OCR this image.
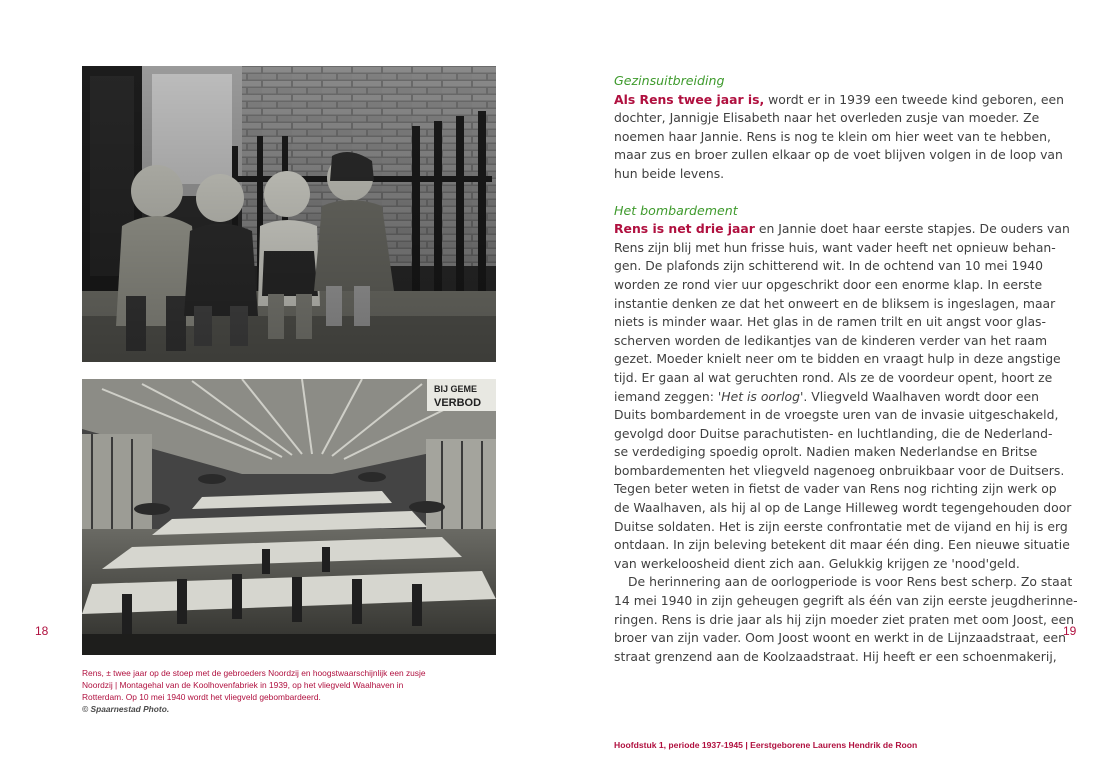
18	19
BIJ GEME
VERBOD
Rens, ± twee jaar op de stoep met de gebroeders Noordzij en hoogstwaarschijnlijk een zusje
Noordzij | Montagehal van de Koolhovenfabriek in 1939, op het vliegveld Waalhaven in
Rotterdam. Op 10 mei 1940 wordt het vliegveld gebombardeerd.
© Spaarnestad Photo.
Gezinsuitbreiding

Als Rens twee jaar is, wordt er in 1939 een tweede kind geboren, een
dochter, Jannigje Elisabeth naar het overleden zusje van moeder. Ze
noemen haar Jannie. Rens is nog te klein om hier weet van te hebben,
maar zus en broer zullen elkaar op de voet blijven volgen in de loop van
hun beide levens.

Het bombardement

Rens is net drie jaar en Jannie doet haar eerste stapjes. De ouders van
Rens zijn blij met hun frisse huis, want vader heeft net opnieuw behan-
gen. De plafonds zijn schitterend wit. In de ochtend van 10 mei 1940
worden ze rond vier uur opgeschrikt door een enorme klap. In eerste
instantie denken ze dat het onweert en de bliksem is ingeslagen, maar
niets is minder waar. Het glas in de ramen trilt en uit angst voor glas-
scherven worden de ledikantjes van de kinderen verder van het raam
gezet. Moeder knielt neer om te bidden en vraagt hulp in deze angstige
tijd. Er gaan al wat geruchten rond. Als ze de voordeur opent, hoort ze
iemand zeggen: 'Het is oorlog'. Vliegveld Waalhaven wordt door een
Duits bombardement in de vroegste uren van de invasie uitgeschakeld,
gevolgd door Duitse parachutisten- en luchtlanding, die de Nederland-
se verdediging spoedig oprolt. Nadien maken Nederlandse en Britse
bombardementen het vliegveld nagenoeg onbruikbaar voor de Duitsers.
Tegen beter weten in fietst de vader van Rens nog richting zijn werk op
de Waalhaven, als hij al op de Lange Hilleweg wordt tegengehouden door
Duitse soldaten. Het is zijn eerste confrontatie met de vijand en hij is erg
ontdaan. In zijn beleving betekent dit maar één ding. Een nieuwe situatie
van werkeloosheid dient zich aan. Gelukkig krijgen ze 'nood'geld.

De herinnering aan de oorlogperiode is voor Rens best scherp. Zo staat
14 mei 1940 in zijn geheugen gegrift als één van zijn eerste jeugdherinne-
ringen. Rens is drie jaar als hij zijn moeder ziet praten met oom Joost, een
broer van zijn vader. Oom Joost woont en werkt in de Lijnzaadstraat, een
straat grenzend aan de Koolzaadstraat. Hij heeft er een schoenmakerij,

Hoofdstuk 1, periode 1937-1945 | Eerstgeborene Laurens Hendrik de Roon
